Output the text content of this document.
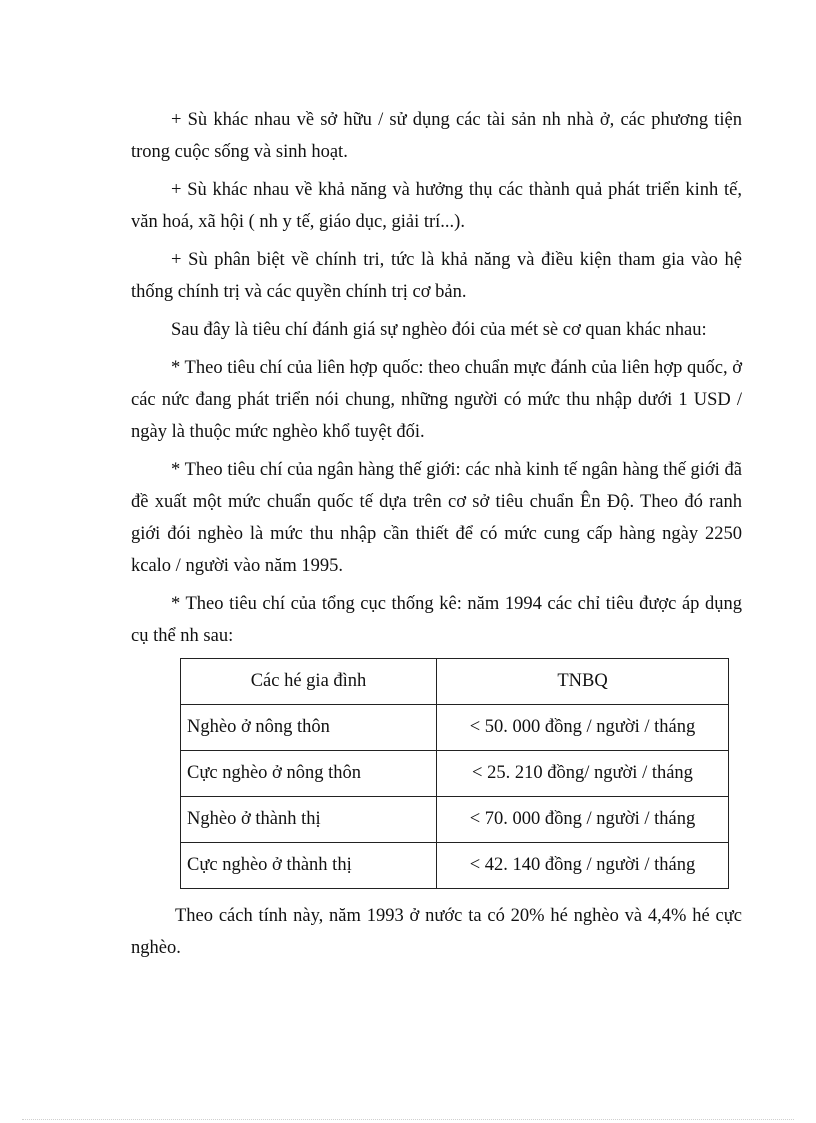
+ Sù khác nhau về sở hữu / sử dụng các tài sản nh nhà ở, các phương tiện trong cuộc sống và sinh hoạt.

+ Sù khác nhau về khả năng và hưởng thụ các thành quả phát triển kinh tế, văn hoá, xã hội ( nh y tế, giáo dục, giải trí...).

+ Sù phân biệt về chính tri, tức là khả năng và điều kiện tham gia vào hệ thống chính trị và các quyền chính trị cơ bản.

Sau đây là tiêu chí đánh giá sự nghèo đói của mét sè cơ quan khác nhau:

* Theo tiêu chí của liên hợp quốc: theo chuẩn mực đánh của liên hợp quốc, ở các nức đang phát triển nói chung, những người có mức thu nhập dưới 1 USD / ngày là thuộc mức nghèo khổ tuyệt đối.

* Theo tiêu chí của ngân hàng thế giới: các nhà kinh tế ngân hàng thế giới đã đề xuất một mức chuẩn quốc tế dựa trên cơ sở tiêu chuẩn Ên Độ. Theo đó ranh giới đói nghèo là mức thu nhập cần thiết để có mức cung cấp hàng ngày 2250 kcalo / người vào năm 1995.

* Theo tiêu chí của tổng cục thống kê: năm 1994 các chỉ tiêu được áp dụng cụ thể nh sau:

Các hé gia đình	TNBQ
Nghèo ở nông thôn	< 50. 000 đồng / người / tháng
Cực nghèo ở nông thôn	< 25. 210 đồng/ người / tháng
Nghèo ở thành thị	< 70. 000 đồng / người / tháng
Cực nghèo ở thành thị	< 42. 140 đồng / người / tháng

Theo cách tính này, năm 1993 ở nước ta có 20% hé nghèo và 4,4% hé cực nghèo.
